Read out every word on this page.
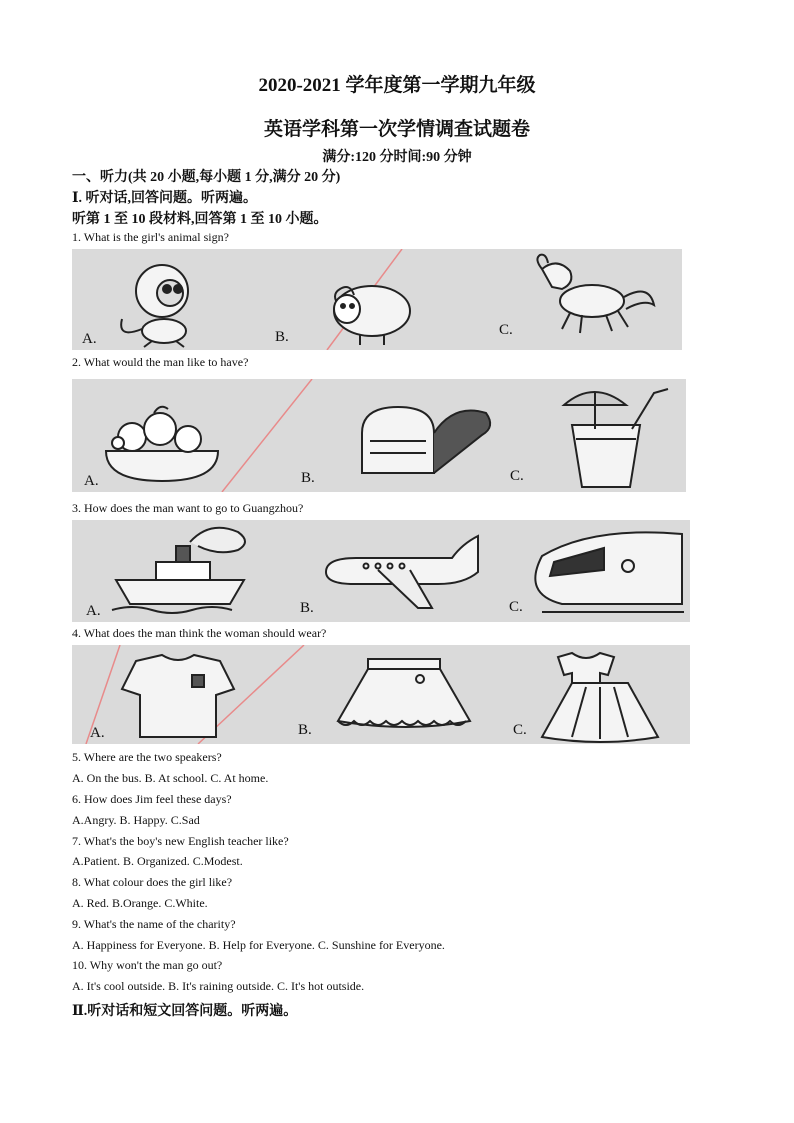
2020-2021 学年度第一学期九年级
英语学科第一次学情调查试题卷
满分:120 分时间:90 分钟
一、听力(共 20 小题,每小题 1 分,满分 20 分)
Ⅰ. 听对话,回答问题。听两遍。
听第 1 至 10 段材料,回答第 1 至 10 小题。
1. What is the girl's animal sign?
A.	B.	C.
2. What would the man like to have?
A.	B.	C.
3. How does the man want to go to Guangzhou?
A.	B.	C.
4. What does the man think the woman should wear?
A.	B.	C.
5. Where are the two speakers?
A. On the bus. B. At school. C. At home.
6. How does Jim feel these days?
A.Angry. B. Happy. C.Sad
7. What's the boy's new English teacher like?
A.Patient. B. Organized. C.Modest.
8. What colour does the girl like?
A. Red. B.Orange. C.White.
9. What's the name of the charity?
A. Happiness for Everyone. B. Help for Everyone. C. Sunshine for Everyone.
10. Why won't the man go out?
A. It's cool outside. B. It's raining outside. C. It's hot outside.
Ⅱ.听对话和短文回答问题。听两遍。
